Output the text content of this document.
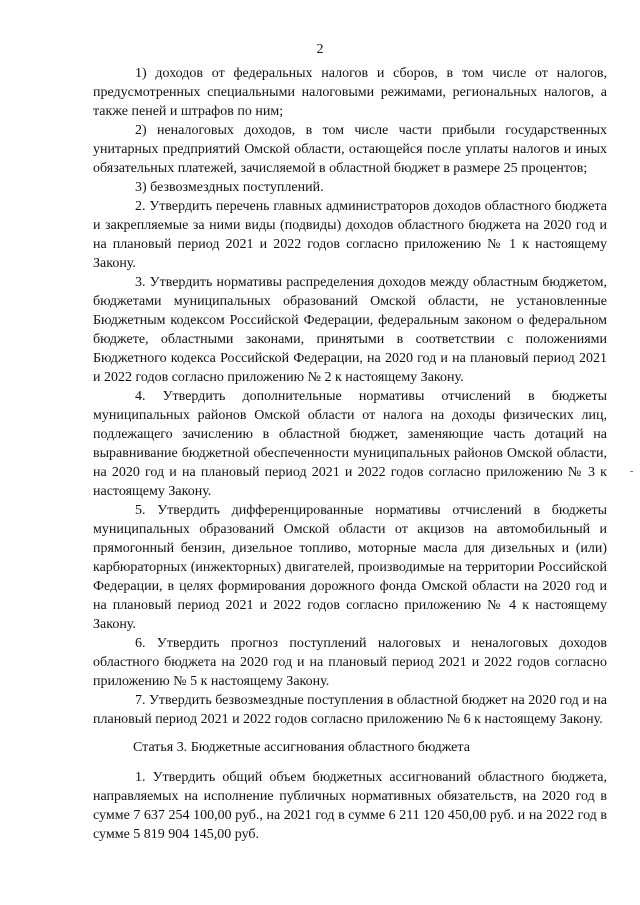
2

1) доходов от федеральных налогов и сборов, в том числе от налогов, предусмотренных специальными налоговыми режимами, региональных налогов, а также пеней и штрафов по ним;

2) неналоговых доходов, в том числе части прибыли государственных унитарных предприятий Омской области, остающейся после уплаты налогов и иных обязательных платежей, зачисляемой в областной бюджет в размере 25 процентов;

3) безвозмездных поступлений.

2. Утвердить перечень главных администраторов доходов областного бюджета и закрепляемые за ними виды (подвиды) доходов областного бюджета на 2020 год и на плановый период 2021 и 2022 годов согласно приложению № 1 к настоящему Закону.

3. Утвердить нормативы распределения доходов между областным бюджетом, бюджетами муниципальных образований Омской области, не установленные Бюджетным кодексом Российской Федерации, федеральным законом о федеральном бюджете, областными законами, принятыми в соответствии с положениями Бюджетного кодекса Российской Федерации, на 2020 год и на плановый период 2021 и 2022 годов согласно приложению № 2 к настоящему Закону.

4. Утвердить дополнительные нормативы отчислений в бюджеты муниципальных районов Омской области от налога на доходы физических лиц, подлежащего зачислению в областной бюджет, заменяющие часть дотаций на выравнивание бюджетной обеспеченности муниципальных районов Омской области, на 2020 год и на плановый период 2021 и 2022 годов согласно приложению № 3 к настоящему Закону.

5. Утвердить дифференцированные нормативы отчислений в бюджеты муниципальных образований Омской области от акцизов на автомобильный и прямогонный бензин, дизельное топливо, моторные масла для дизельных и (или) карбюраторных (инжекторных) двигателей, производимые на территории Российской Федерации, в целях формирования дорожного фонда Омской области на 2020 год и на плановый период 2021 и 2022 годов согласно приложению № 4 к настоящему Закону.

6. Утвердить прогноз поступлений налоговых и неналоговых доходов областного бюджета на 2020 год и на плановый период 2021 и 2022 годов согласно приложению № 5 к настоящему Закону.

7. Утвердить безвозмездные поступления в областной бюджет на 2020 год и на плановый период 2021 и 2022 годов согласно приложению № 6 к настоящему Закону.

Статья 3. Бюджетные ассигнования областного бюджета

1. Утвердить общий объем бюджетных ассигнований областного бюджета, направляемых на исполнение публичных нормативных обязательств, на 2020 год в сумме 7 637 254 100,00 руб., на 2021 год в сумме 6 211 120 450,00 руб. и на 2022 год в сумме 5 819 904 145,00 руб.

-
